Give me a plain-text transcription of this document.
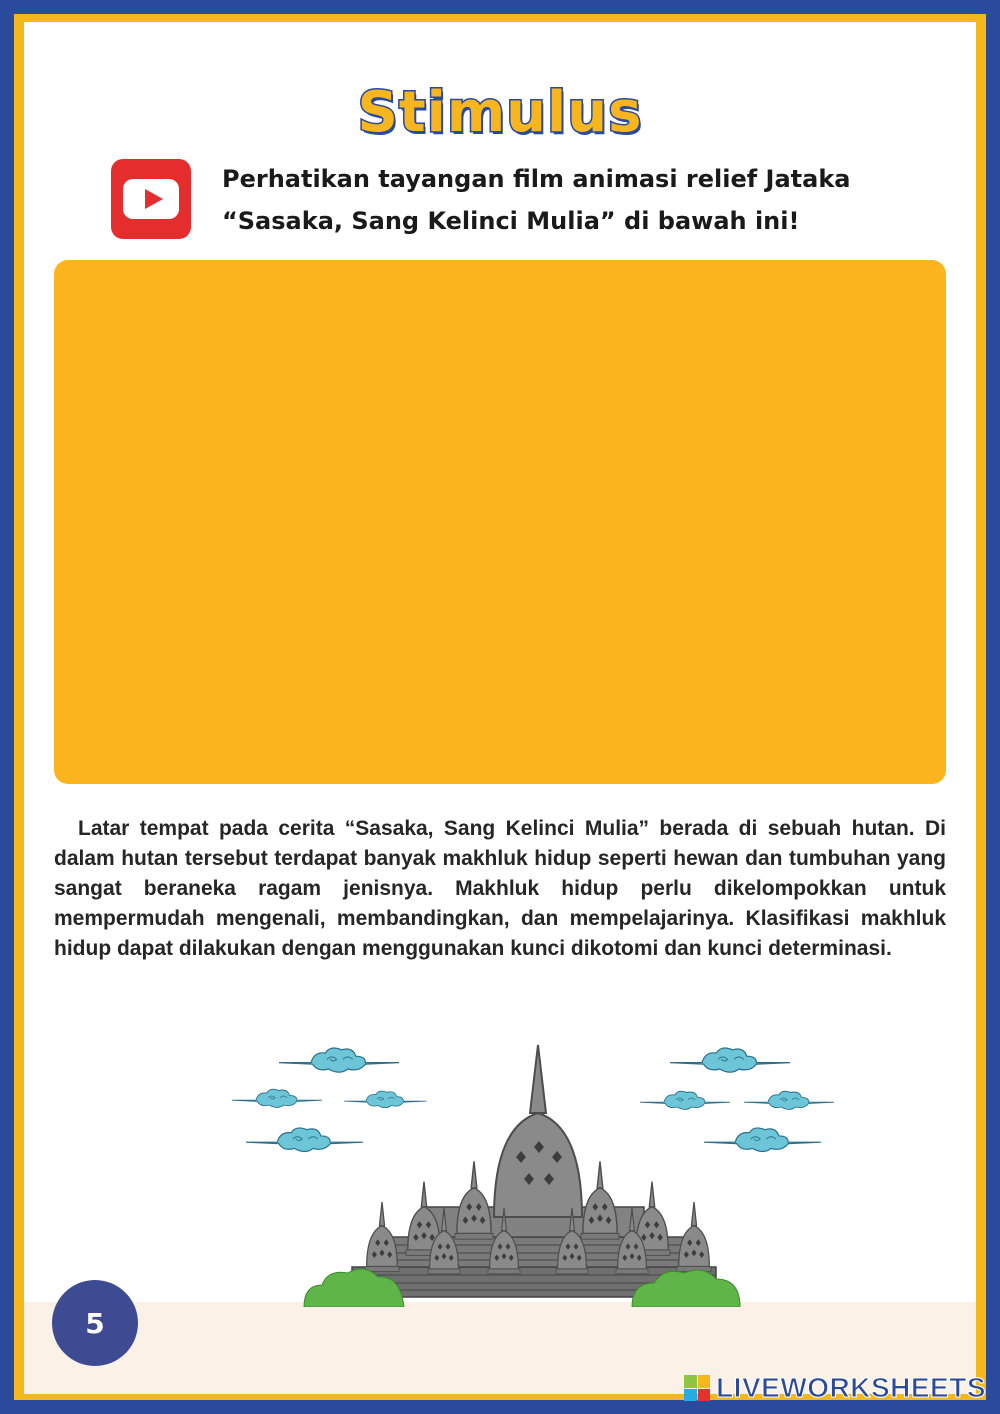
Stimulus
Perhatikan tayangan film animasi relief Jataka
“Sasaka, Sang Kelinci Mulia” di bawah ini!
Latar tempat pada cerita “Sasaka, Sang Kelinci Mulia” berada di sebuah hutan. Di dalam hutan tersebut terdapat banyak makhluk hidup seperti hewan dan tumbuhan yang sangat beraneka ragam jenisnya. Makhluk hidup perlu dikelompokkan untuk mempermudah mengenali, membandingkan, dan mempelajarinya. Klasifikasi makhluk hidup dapat dilakukan dengan menggunakan kunci dikotomi dan kunci determinasi.
5
LIVEWORKSHEETS
